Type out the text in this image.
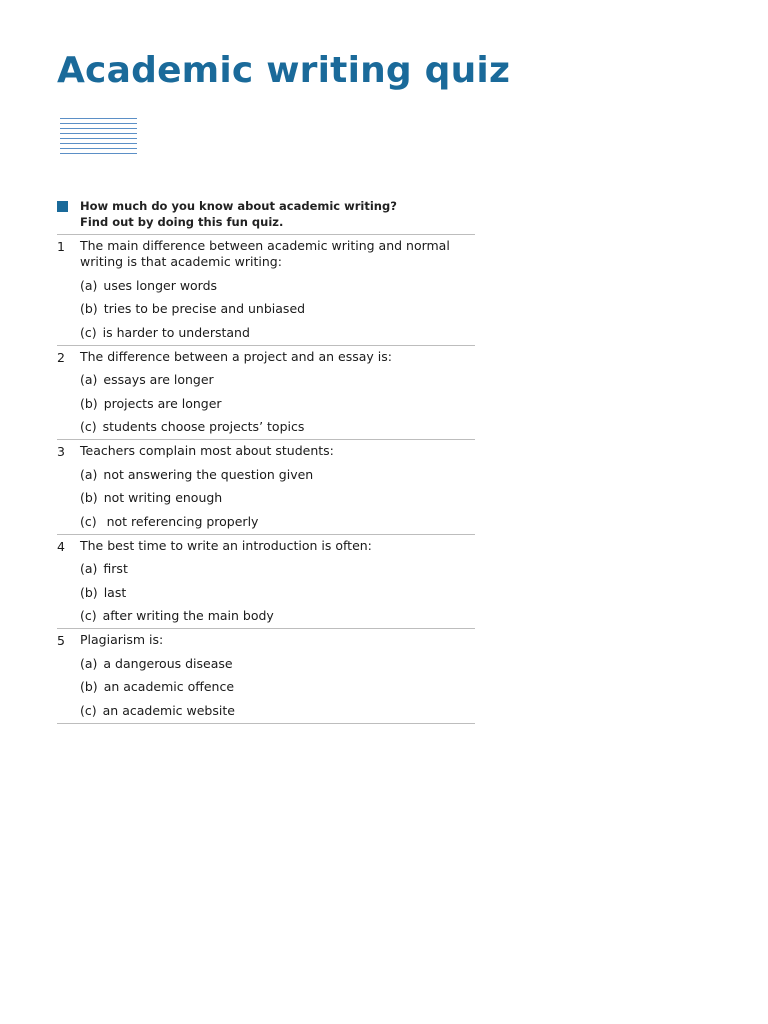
Academic writing quiz

How much do you know about academic writing?

Find out by doing this fun quiz.

1 The main difference between academic writing and normal writing is that academic writing:
(a) uses longer words
(b) tries to be precise and unbiased
(c) is harder to understand
2 The difference between a project and an essay is:
(a) essays are longer
(b) projects are longer
(c) students choose projects’ topics
3 Teachers complain most about students:
(a) not answering the question given
(b) not writing enough
(c) not referencing properly
4 The best time to write an introduction is often:
(a) first
(b) last
(c) after writing the main body
5 Plagiarism is:
(a) a dangerous disease
(b) an academic offence
(c) an academic website
